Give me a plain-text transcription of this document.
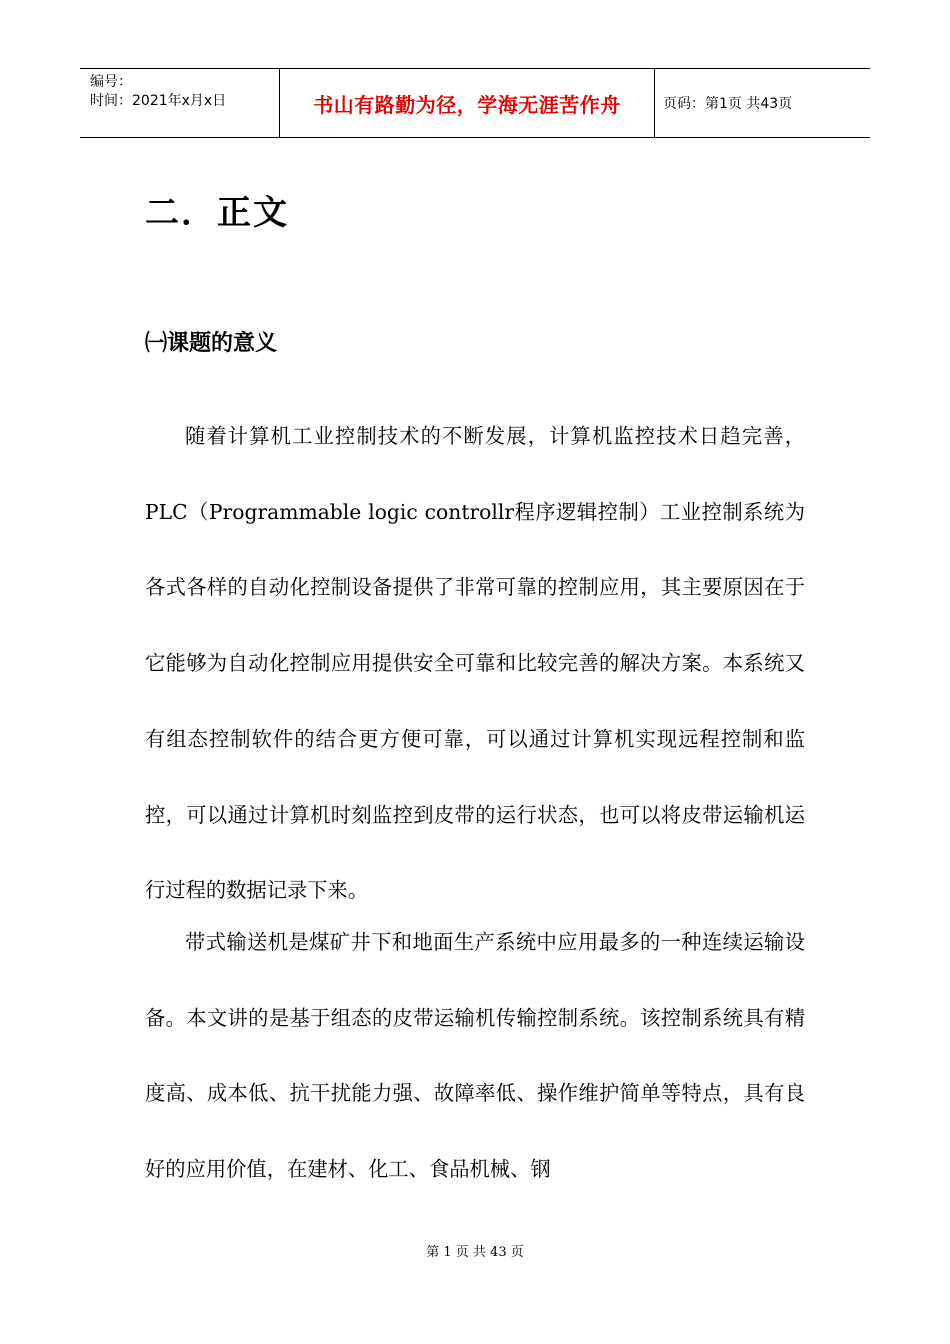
编号：
时间：2021年x月x日	书山有路勤为径，学海无涯苦作舟	页码：第1页 共43页
二．正文
㈠课题的意义

随着计算机工业控制技术的不断发展，计算机监控技术日趋完善，PLC（Programmable logic controllr程序逻辑控制）工业控制系统为各式各样的自动化控制设备提供了非常可靠的控制应用，其主要原因在于它能够为自动化控制应用提供安全可靠和比较完善的解决方案。本系统又有组态控制软件的结合更方便可靠，可以通过计算机实现远程控制和监控，可以通过计算机时刻监控到皮带的运行状态，也可以将皮带运输机运行过程的数据记录下来。

带式输送机是煤矿井下和地面生产系统中应用最多的一种连续运输设备。本文讲的是基于组态的皮带运输机传输控制系统。该控制系统具有精度高、成本低、抗干扰能力强、故障率低、操作维护简单等特点，具有良好的应用价值，在建材、化工、食品机械、钢

第 1 页 共 43 页
